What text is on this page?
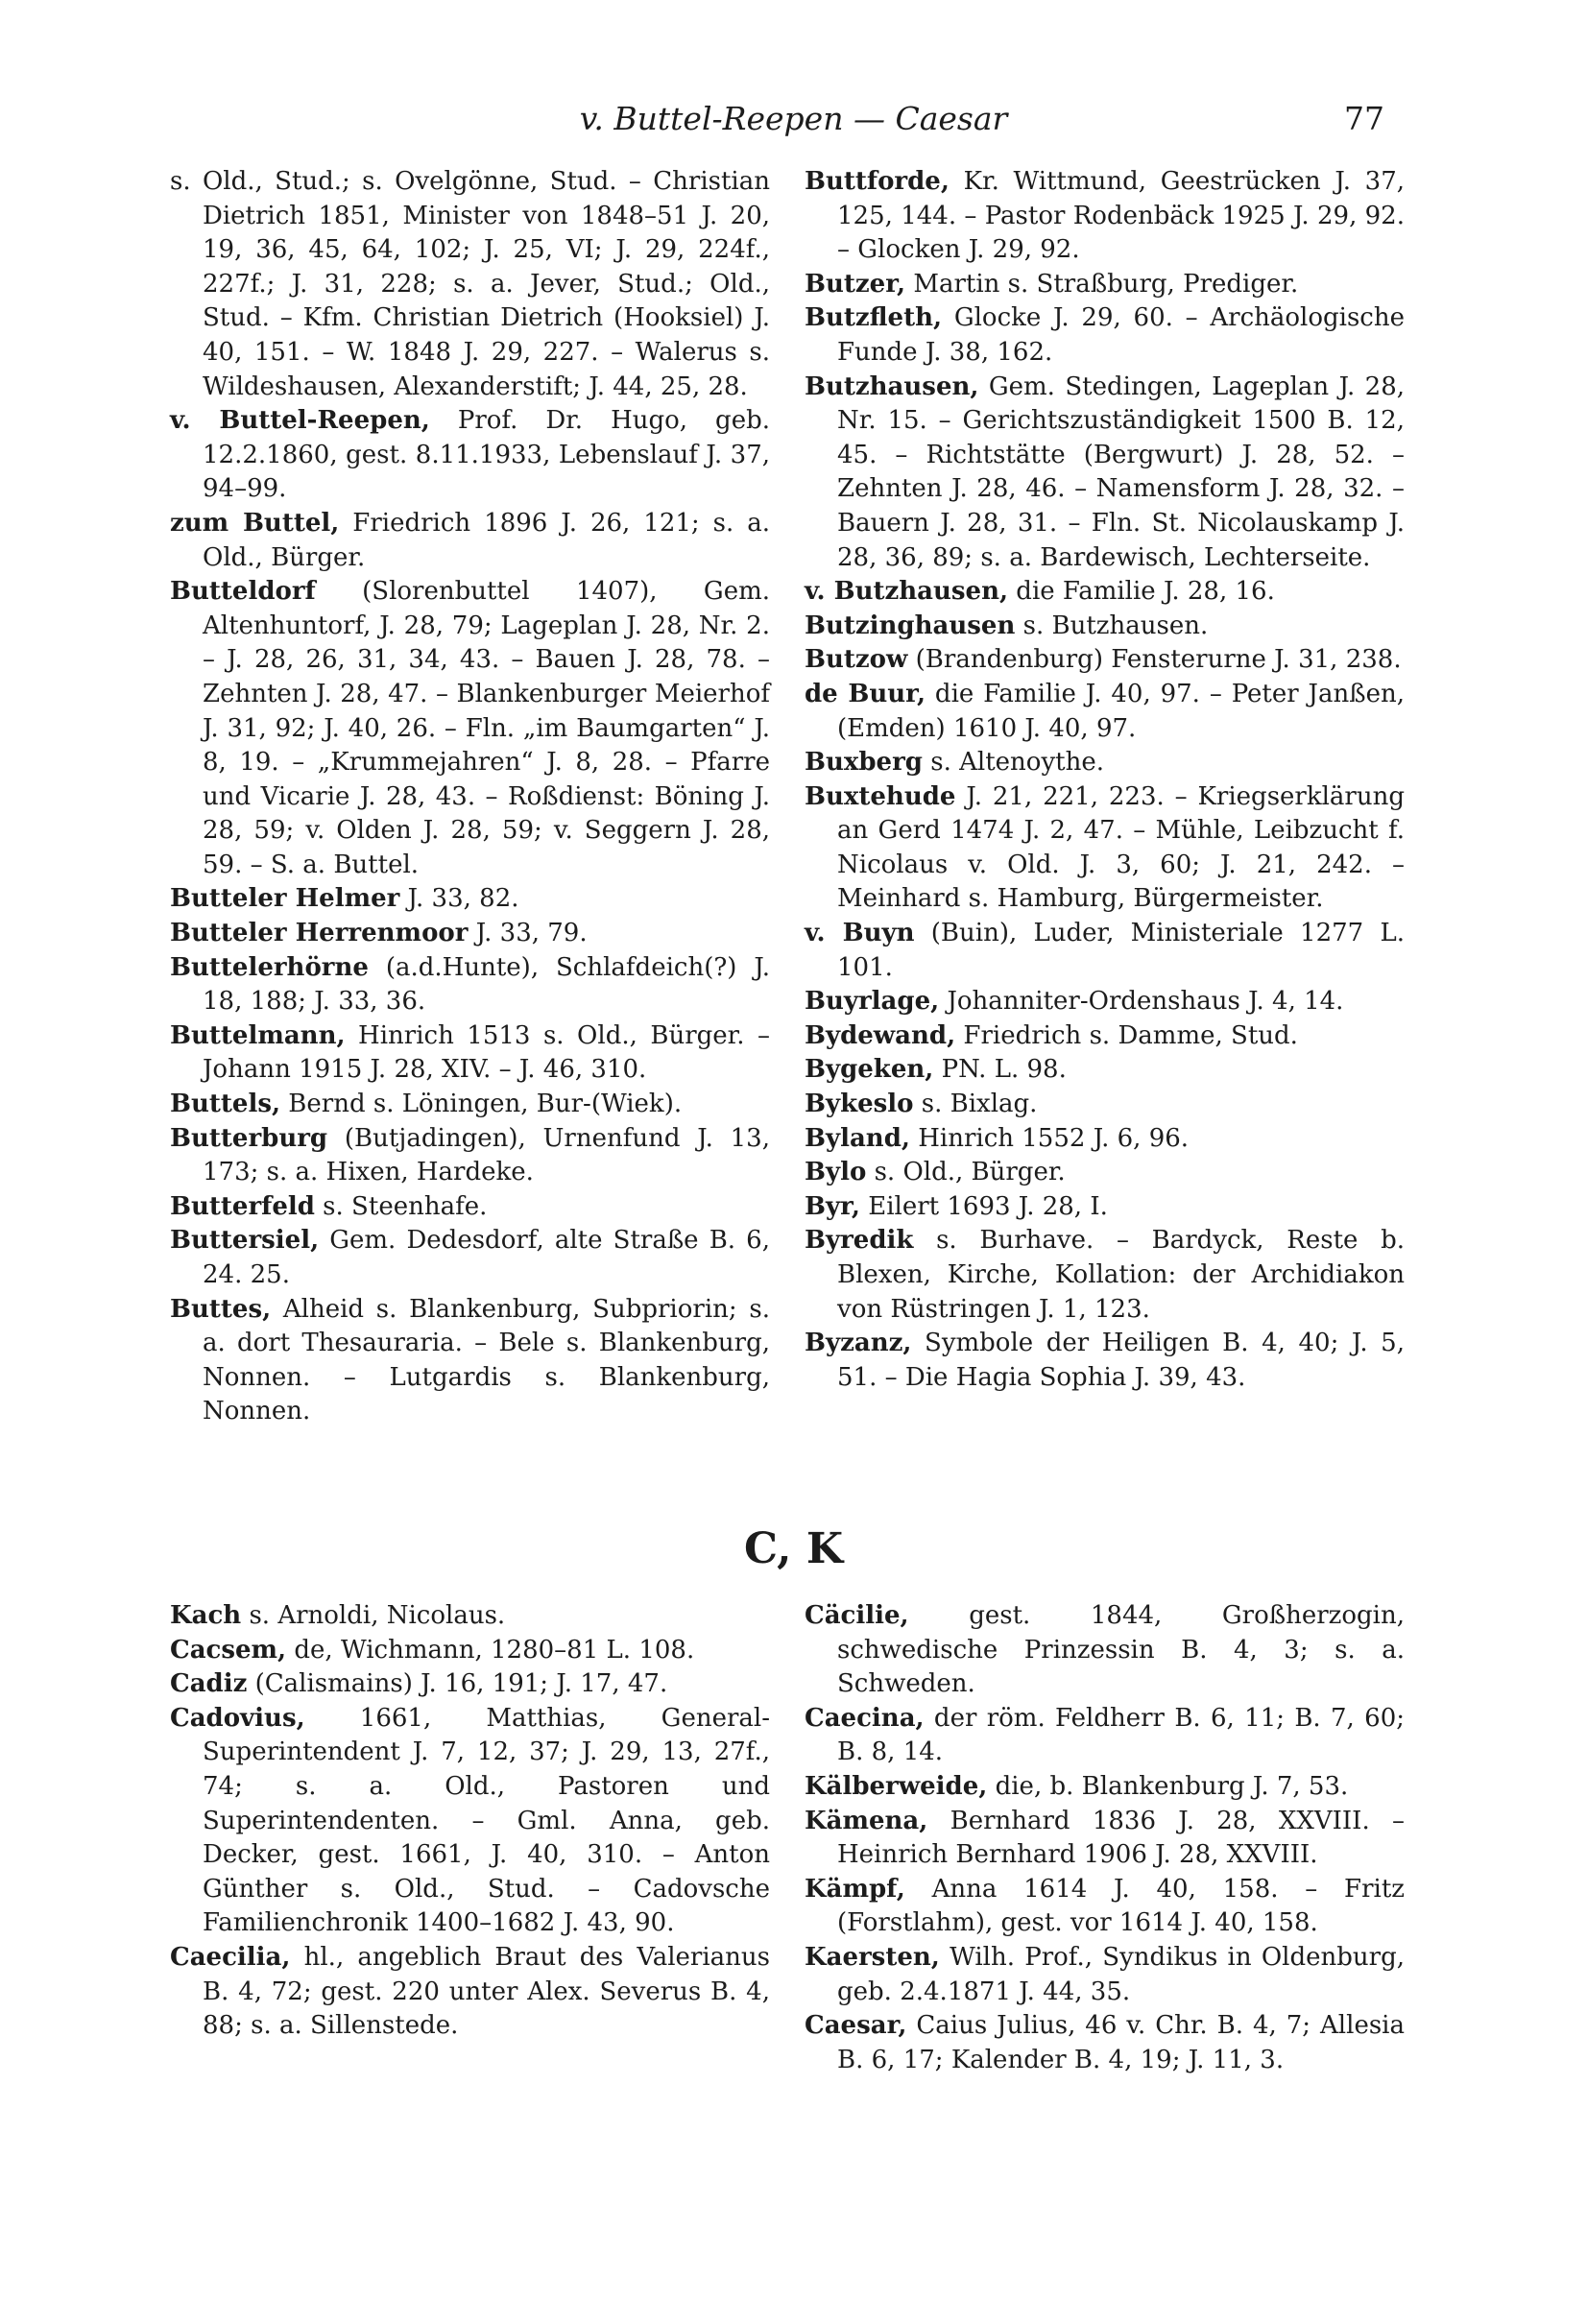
v. Buttel-Reepen — Caesar	77

s. Old., Stud.; s. Ovelgönne, Stud. – Christian Dietrich 1851, Minister von 1848–51 J. 20, 19, 36, 45, 64, 102; J. 25, VI; J. 29, 224f., 227f.; J. 31, 228; s. a. Jever, Stud.; Old., Stud. – Kfm. Christian Dietrich (Hooksiel) J. 40, 151. – W. 1848 J. 29, 227. – Walerus s. Wildeshausen, Alexanderstift; J. 44, 25, 28.

v. Buttel-Reepen, Prof. Dr. Hugo, geb. 12.2.1860, gest. 8.11.1933, Lebenslauf J. 37, 94–99.

zum Buttel, Friedrich 1896 J. 26, 121; s. a. Old., Bürger.

Butteldorf (Slorenbuttel 1407), Gem. Altenhuntorf, J. 28, 79; Lageplan J. 28, Nr. 2. – J. 28, 26, 31, 34, 43. – Bauen J. 28, 78. – Zehnten J. 28, 47. – Blankenburger Meierhof J. 31, 92; J. 40, 26. – Fln. „im Baumgarten“ J. 8, 19. – „Krummejahren“ J. 8, 28. – Pfarre und Vicarie J. 28, 43. – Roßdienst: Böning J. 28, 59; v. Olden J. 28, 59; v. Seggern J. 28, 59. – S. a. Buttel.

Butteler Helmer J. 33, 82.

Butteler Herrenmoor J. 33, 79.

Buttelerhörne (a.d.Hunte), Schlafdeich(?) J. 18, 188; J. 33, 36.

Buttelmann, Hinrich 1513 s. Old., Bürger. – Johann 1915 J. 28, XIV. – J. 46, 310.

Buttels, Bernd s. Löningen, Bur-(Wiek).

Butterburg (Butjadingen), Urnenfund J. 13, 173; s. a. Hixen, Hardeke.

Butterfeld s. Steenhafe.

Buttersiel, Gem. Dedesdorf, alte Straße B. 6, 24. 25.

Buttes, Alheid s. Blankenburg, Subpriorin; s. a. dort Thesauraria. – Bele s. Blankenburg, Nonnen. – Lutgardis s. Blankenburg, Nonnen.

Buttforde, Kr. Wittmund, Geestrücken J. 37, 125, 144. – Pastor Rodenbäck 1925 J. 29, 92. – Glocken J. 29, 92.

Butzer, Martin s. Straßburg, Prediger.

Butzfleth, Glocke J. 29, 60. – Archäologische Funde J. 38, 162.

Butzhausen, Gem. Stedingen, Lageplan J. 28, Nr. 15. – Gerichtszuständigkeit 1500 B. 12, 45. – Richtstätte (Bergwurt) J. 28, 52. – Zehnten J. 28, 46. – Namensform J. 28, 32. – Bauern J. 28, 31. – Fln. St. Nicolauskamp J. 28, 36, 89; s. a. Bardewisch, Lechterseite.

v. Butzhausen, die Familie J. 28, 16.

Butzinghausen s. Butzhausen.

Butzow (Brandenburg) Fensterurne J. 31, 238.

de Buur, die Familie J. 40, 97. – Peter Janßen, (Emden) 1610 J. 40, 97.

Buxberg s. Altenoythe.

Buxtehude J. 21, 221, 223. – Kriegserklärung an Gerd 1474 J. 2, 47. – Mühle, Leibzucht f. Nicolaus v. Old. J. 3, 60; J. 21, 242. – Meinhard s. Hamburg, Bürgermeister.

v. Buyn (Buin), Luder, Ministeriale 1277 L. 101.

Buyrlage, Johanniter-Ordenshaus J. 4, 14.

Bydewand, Friedrich s. Damme, Stud.

Bygeken, PN. L. 98.

Bykeslo s. Bixlag.

Byland, Hinrich 1552 J. 6, 96.

Bylo s. Old., Bürger.

Byr, Eilert 1693 J. 28, I.

Byredik s. Burhave. – Bardyck, Reste b. Blexen, Kirche, Kollation: der Archidiakon von Rüstringen J. 1, 123.

Byzanz, Symbole der Heiligen B. 4, 40; J. 5, 51. – Die Hagia Sophia J. 39, 43.

C, K

Kach s. Arnoldi, Nicolaus.

Cacsem, de, Wichmann, 1280–81 L. 108.

Cadiz (Calismains) J. 16, 191; J. 17, 47.

Cadovius, 1661, Matthias, General-Superintendent J. 7, 12, 37; J. 29, 13, 27f., 74; s. a. Old., Pastoren und Superintendenten. – Gml. Anna, geb. Decker, gest. 1661, J. 40, 310. – Anton Günther s. Old., Stud. – Cadovsche Familienchronik 1400–1682 J. 43, 90.

Caecilia, hl., angeblich Braut des Valerianus B. 4, 72; gest. 220 unter Alex. Severus B. 4, 88; s. a. Sillenstede.

Cäcilie, gest. 1844, Großherzogin, schwedische Prinzessin B. 4, 3; s. a. Schweden.

Caecina, der röm. Feldherr B. 6, 11; B. 7, 60; B. 8, 14.

Kälberweide, die, b. Blankenburg J. 7, 53.

Kämena, Bernhard 1836 J. 28, XXVIII. – Heinrich Bernhard 1906 J. 28, XXVIII.

Kämpf, Anna 1614 J. 40, 158. – Fritz (Forstlahm), gest. vor 1614 J. 40, 158.

Kaersten, Wilh. Prof., Syndikus in Oldenburg, geb. 2.4.1871 J. 44, 35.

Caesar, Caius Julius, 46 v. Chr. B. 4, 7; Allesia B. 6, 17; Kalender B. 4, 19; J. 11, 3.
